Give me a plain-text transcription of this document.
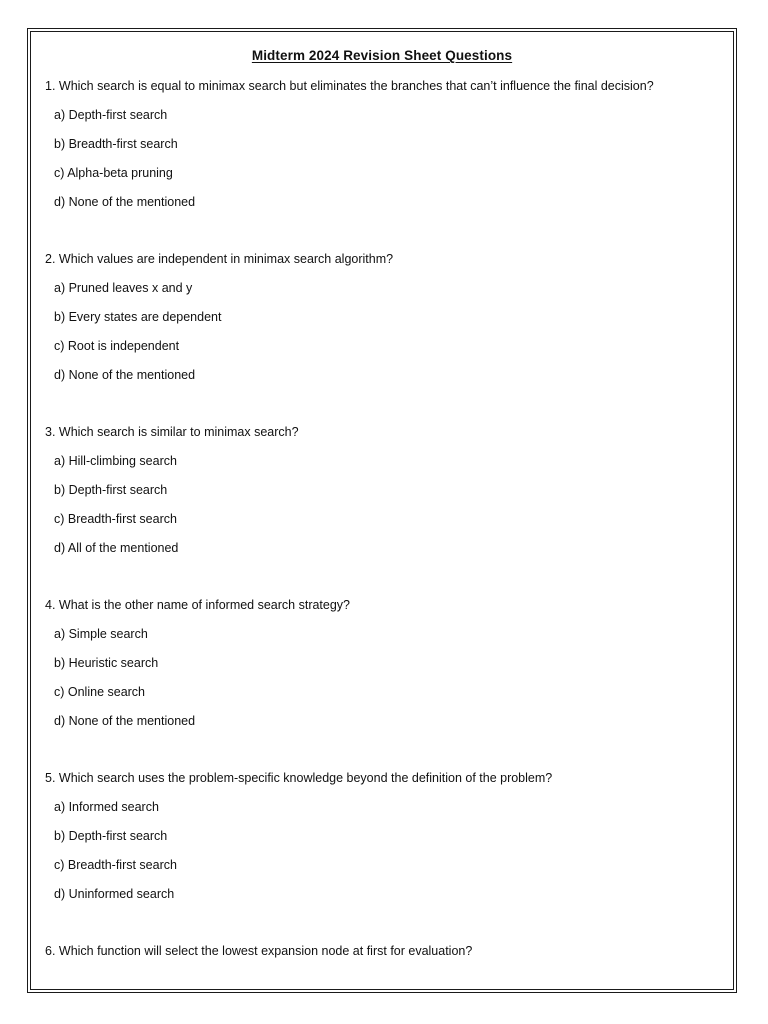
Midterm 2024 Revision Sheet Questions
1. Which search is equal to minimax search but eliminates the branches that can’t influence the final decision?
a) Depth-first search
b) Breadth-first search
c) Alpha-beta pruning
d) None of the mentioned
2. Which values are independent in minimax search algorithm?
a) Pruned leaves x and y
b) Every states are dependent
c) Root is independent
d) None of the mentioned
3. Which search is similar to minimax search?
a) Hill-climbing search
b) Depth-first search
c) Breadth-first search
d) All of the mentioned
4. What is the other name of informed search strategy?
a) Simple search
b) Heuristic search
c) Online search
d) None of the mentioned
5. Which search uses the problem-specific knowledge beyond the definition of the problem?
a) Informed search
b) Depth-first search
c) Breadth-first search
d) Uninformed search
6. Which function will select the lowest expansion node at first for evaluation?
